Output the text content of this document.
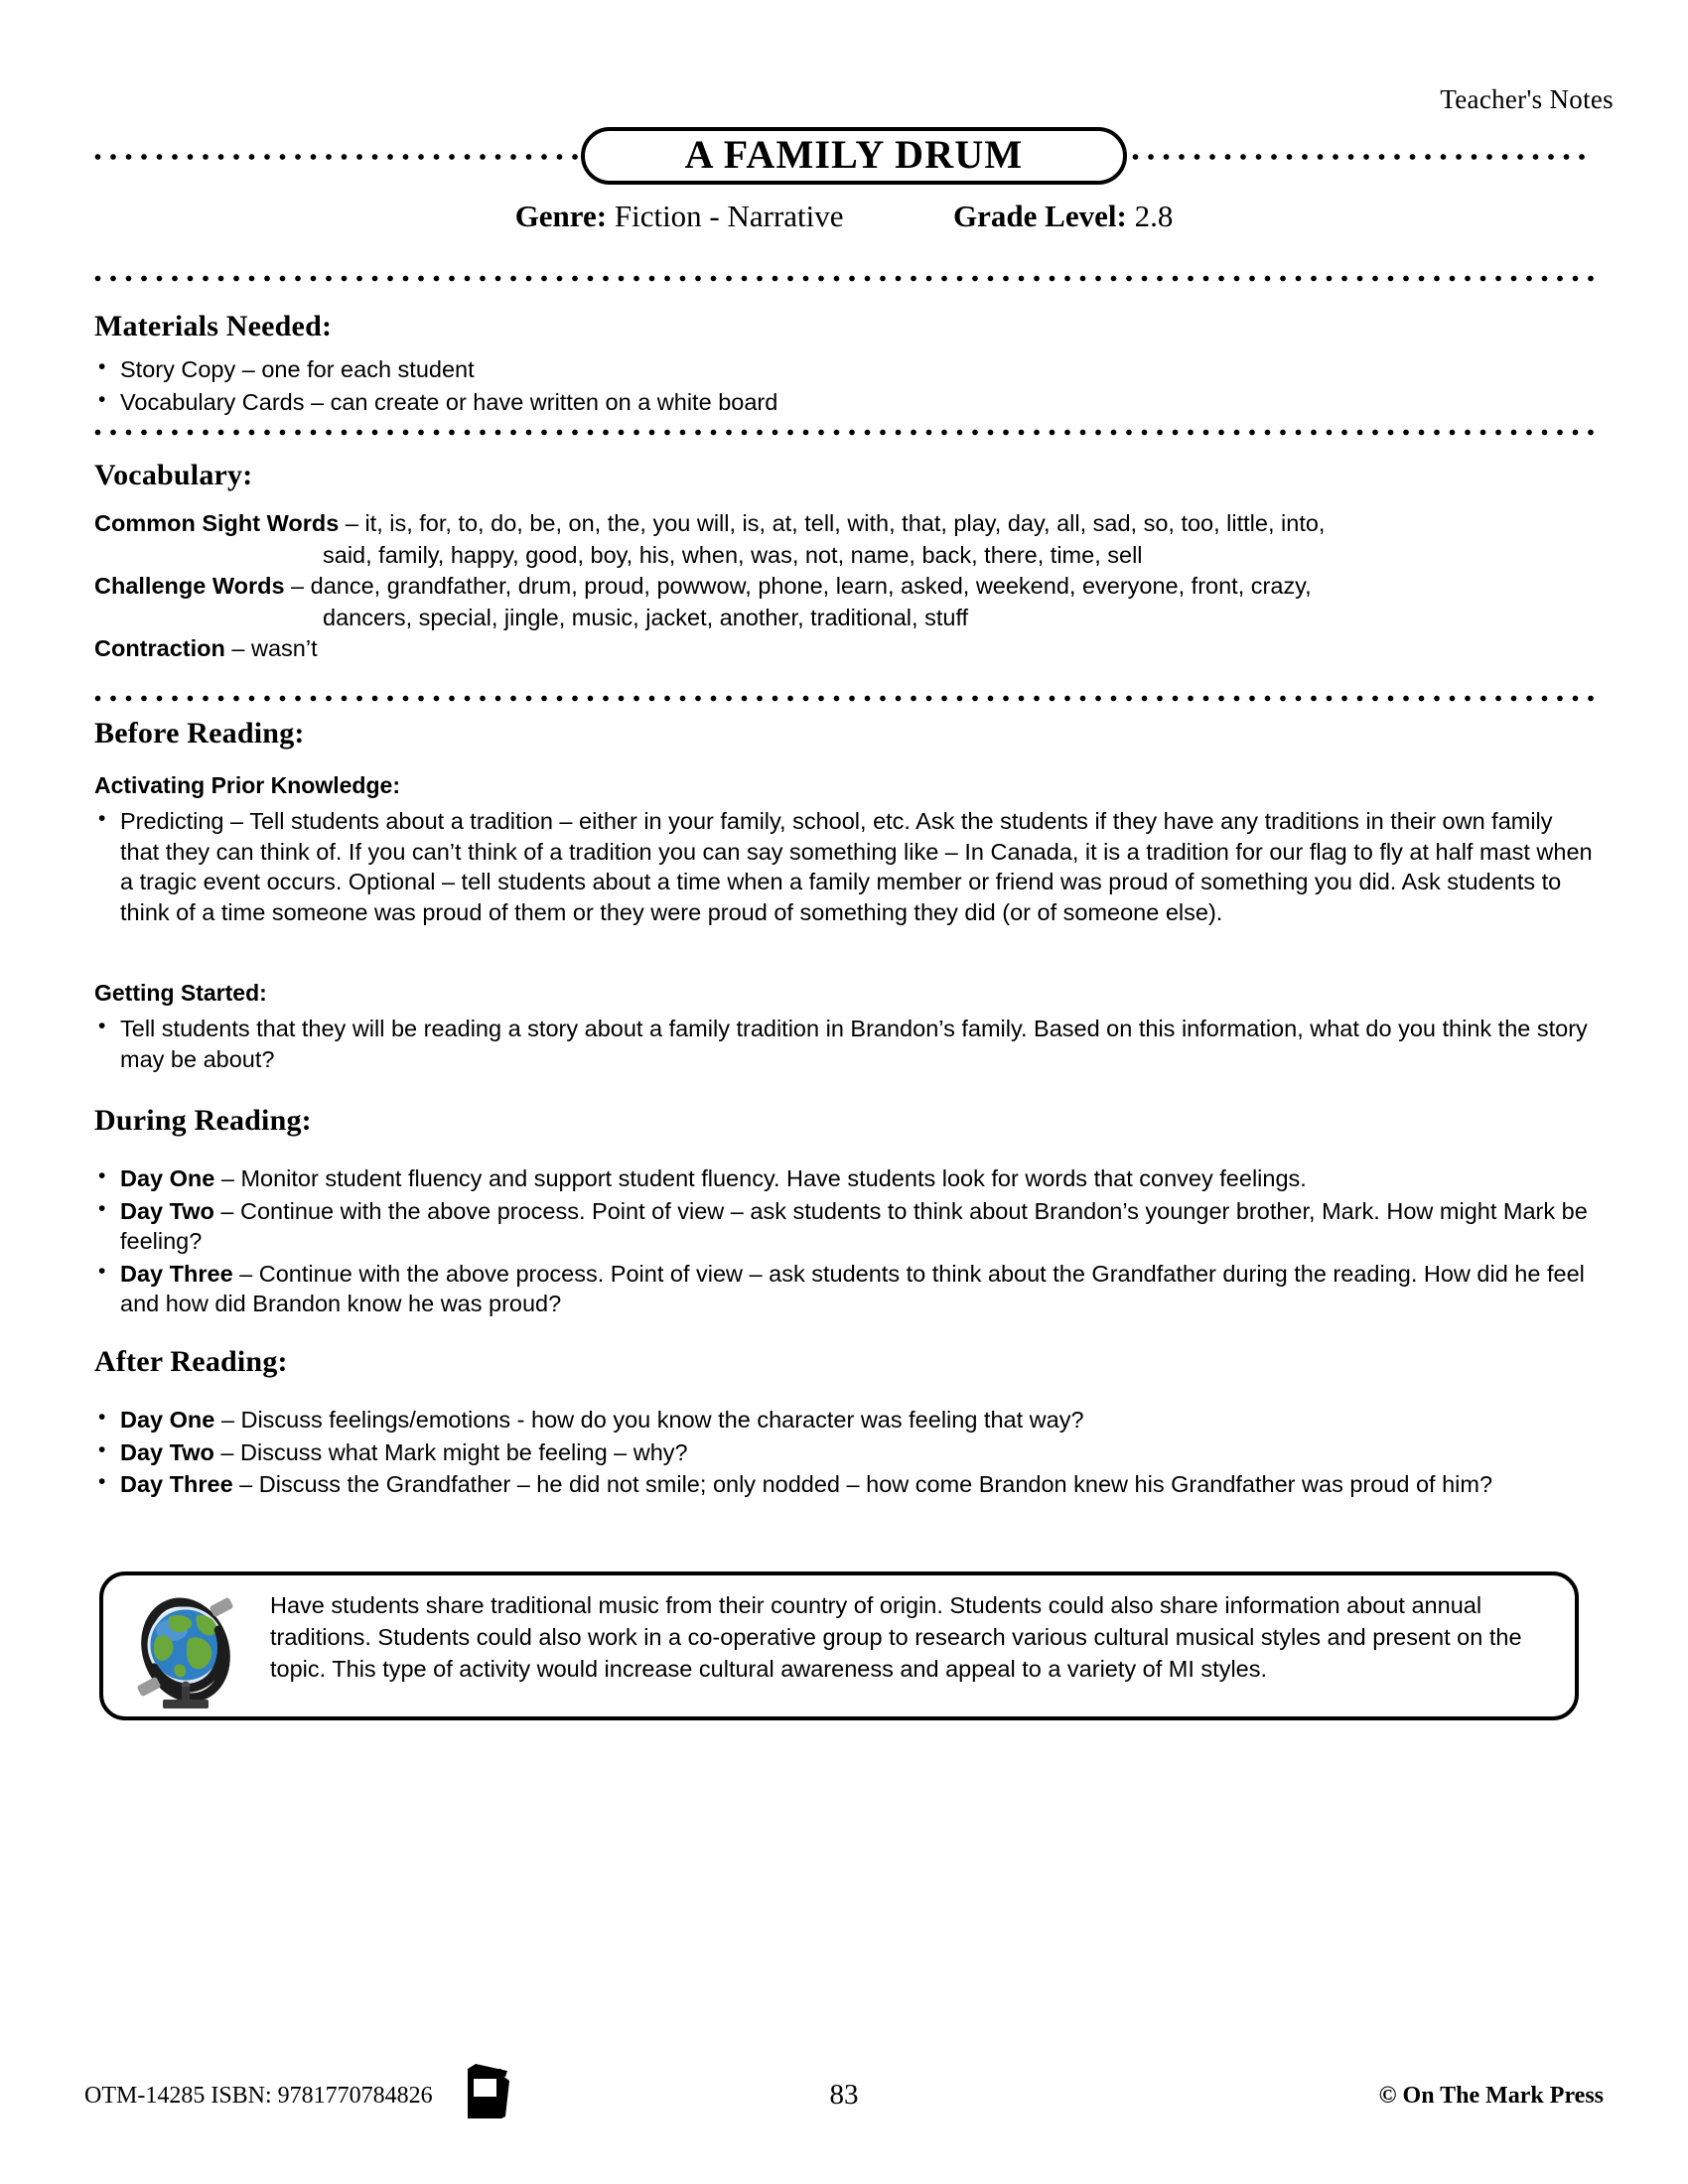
Teacher's Notes
A FAMILY DRUM
Genre: Fiction - Narrative	Grade Level: 2.8
Materials Needed:
• Story Copy – one for each student
• Vocabulary Cards – can create or have written on a white board
Vocabulary:
Common Sight Words – it, is, for, to, do, be, on, the, you will, is, at, tell, with, that, play, day, all, sad, so, too, little, into,
said, family, happy, good, boy, his, when, was, not, name, back, there, time, sell
Challenge Words – dance, grandfather, drum, proud, powwow, phone, learn, asked, weekend, everyone, front, crazy,
dancers, special, jingle, music, jacket, another, traditional, stuff
Contraction – wasn’t
Before Reading:
Activating Prior Knowledge:
• Predicting – Tell students about a tradition – either in your family, school, etc. Ask the students if they have any traditions in their own family that they can think of. If you can’t think of a tradition you can say something like – In Canada, it is a tradition for our flag to fly at half mast when a tragic event occurs. Optional – tell students about a time when a family member or friend was proud of something you did. Ask students to think of a time someone was proud of them or they were proud of something they did (or of someone else).
Getting Started:
• Tell students that they will be reading a story about a family tradition in Brandon’s family. Based on this information, what do you think the story may be about?
During Reading:
• Day One – Monitor student fluency and support student fluency. Have students look for words that convey feelings.
• Day Two – Continue with the above process. Point of view – ask students to think about Brandon’s younger brother, Mark. How might Mark be feeling?
• Day Three – Continue with the above process. Point of view – ask students to think about the Grandfather during the reading. How did he feel and how did Brandon know he was proud?
After Reading:
• Day One – Discuss feelings/emotions - how do you know the character was feeling that way?
• Day Two – Discuss what Mark might be feeling – why?
• Day Three – Discuss the Grandfather – he did not smile; only nodded – how come Brandon knew his Grandfather was proud of him?
Have students share traditional music from their country of origin. Students could also share information about annual traditions. Students could also work in a co-operative group to research various cultural musical styles and present on the topic. This type of activity would increase cultural awareness and appeal to a variety of MI styles.
OTM-14285 ISBN: 9781770784826	83	© On The Mark Press
